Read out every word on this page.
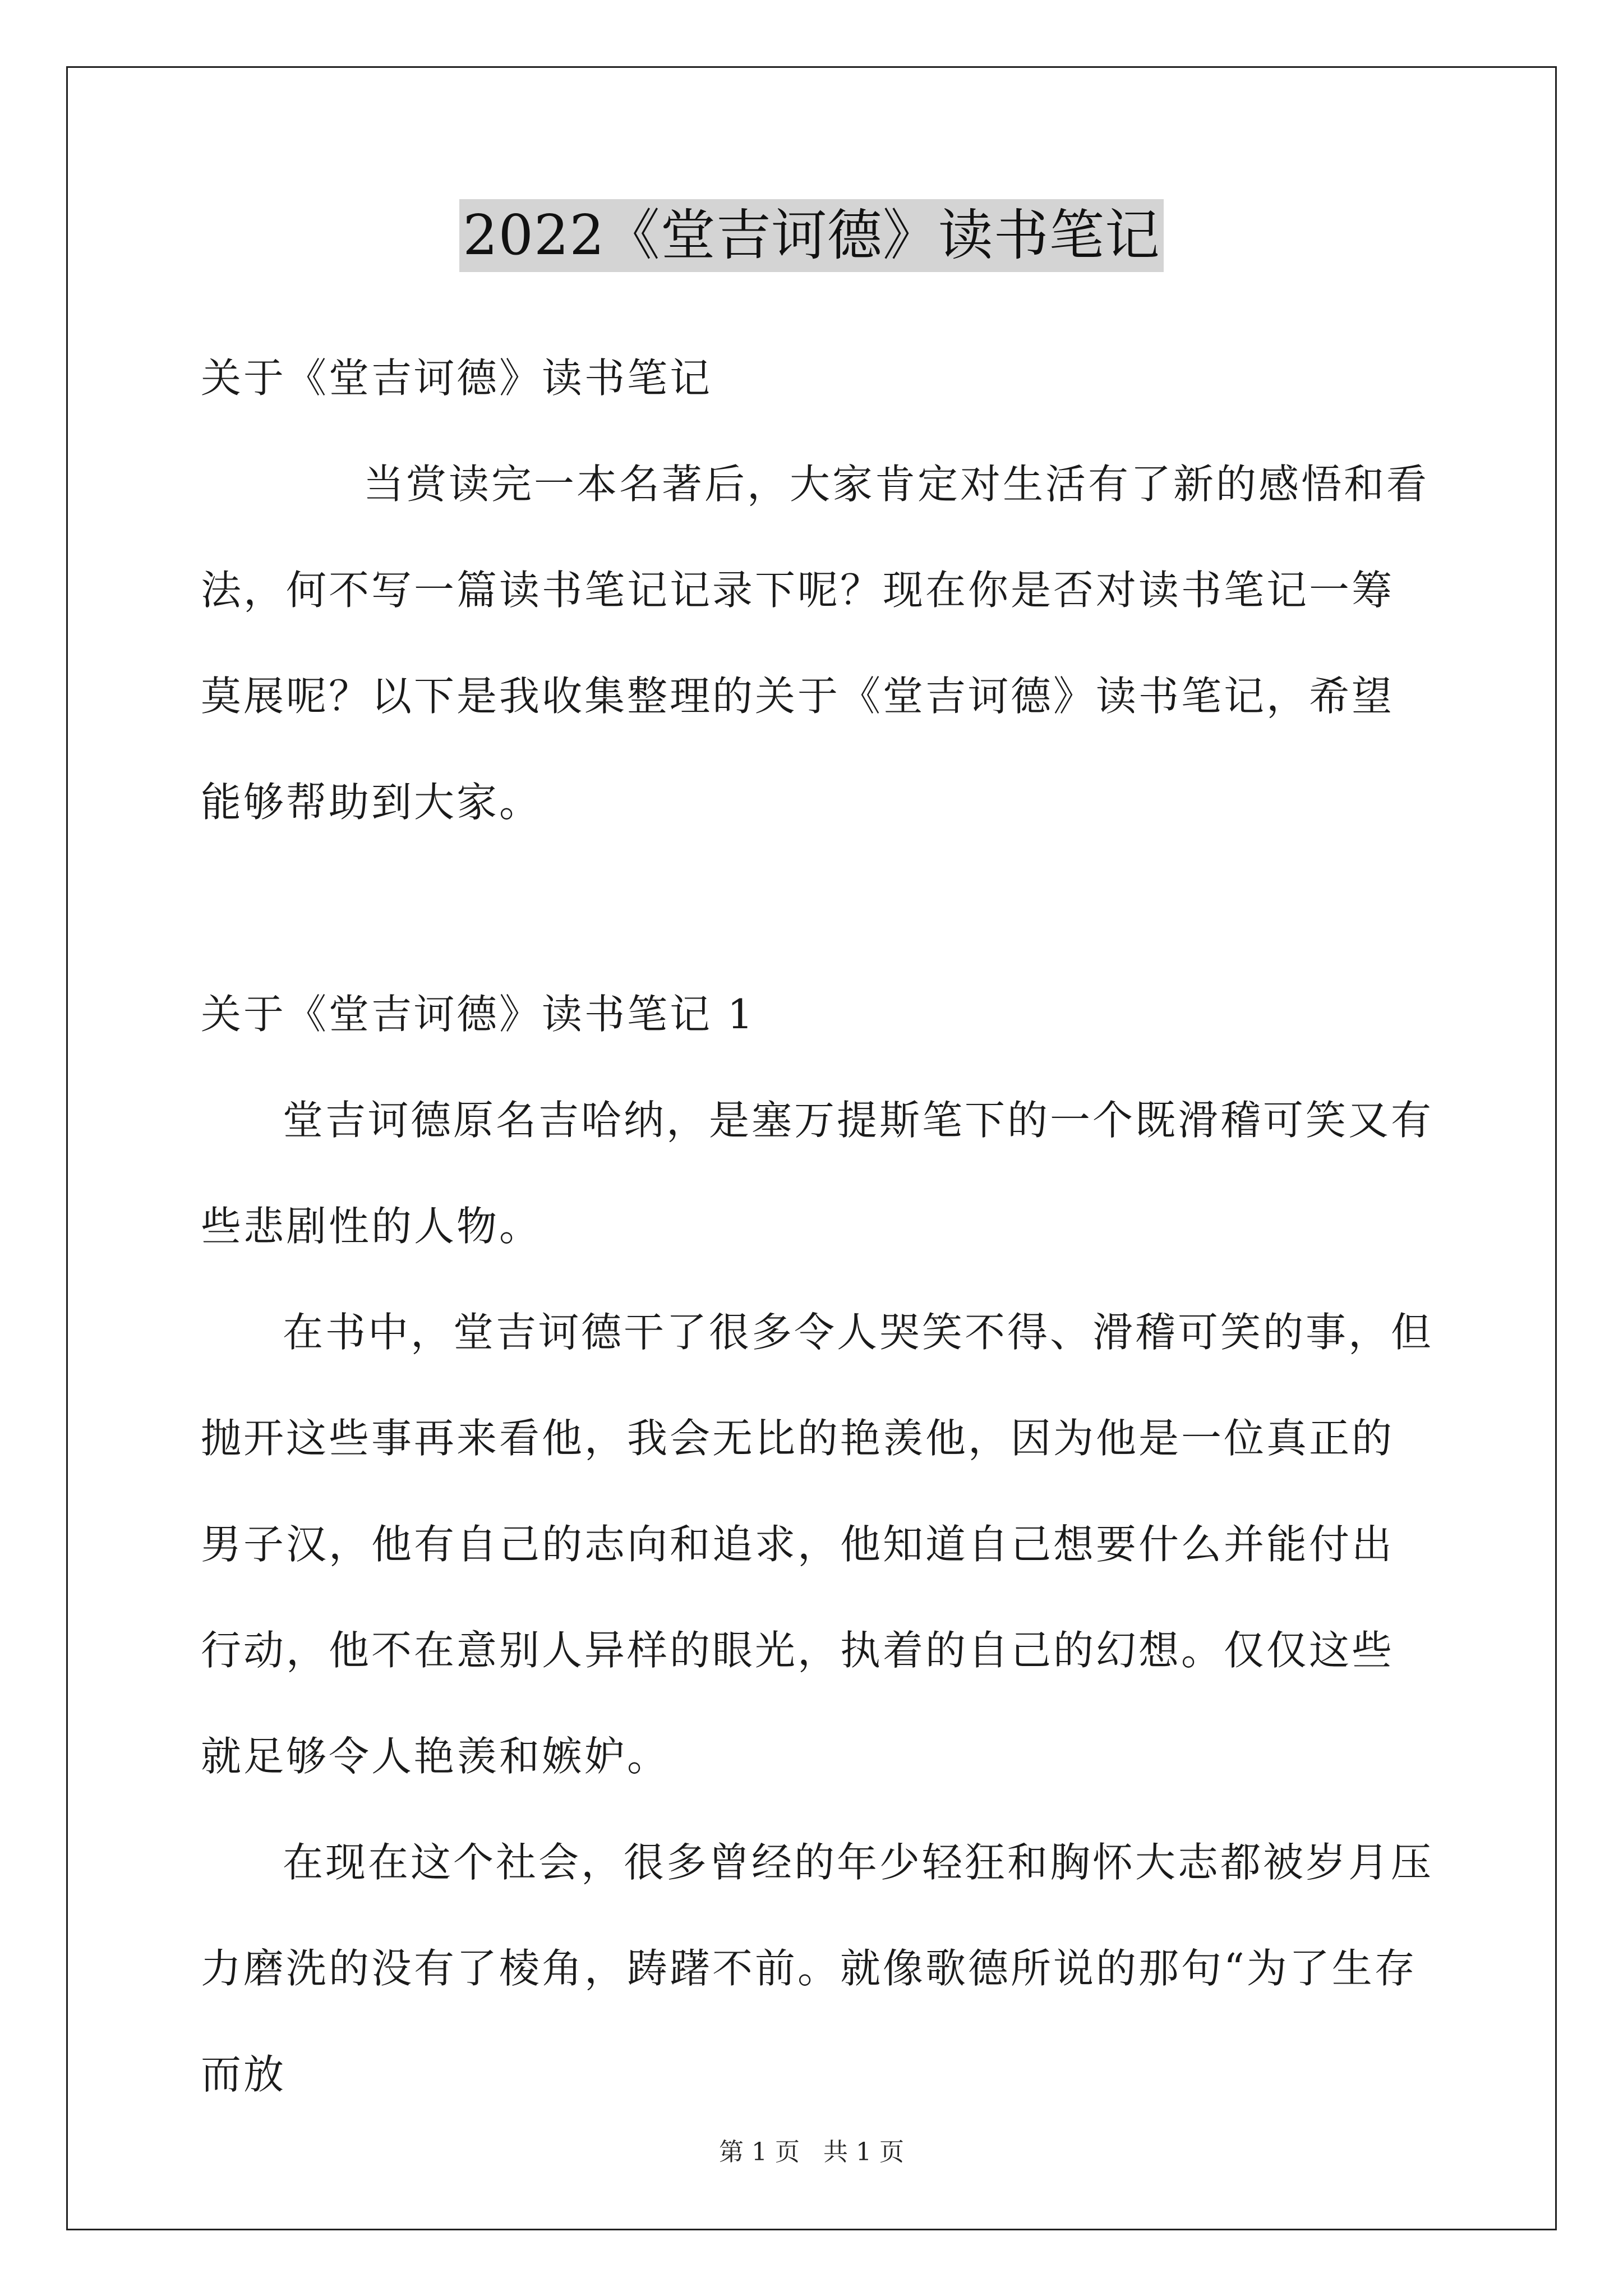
2022《堂吉诃德》读书笔记

关于《堂吉诃德》读书笔记

当赏读完一本名著后，大家肯定对生活有了新的感悟和看法，何不写一篇读书笔记记录下呢？现在你是否对读书笔记一筹莫展呢？以下是我收集整理的关于《堂吉诃德》读书笔记，希望能够帮助到大家。

关于《堂吉诃德》读书笔记 1

堂吉诃德原名吉哈纳，是塞万提斯笔下的一个既滑稽可笑又有些悲剧性的人物。

在书中，堂吉诃德干了很多令人哭笑不得、滑稽可笑的事，但抛开这些事再来看他，我会无比的艳羡他，因为他是一位真正的男子汉，他有自己的志向和追求，他知道自己想要什么并能付出行动，他不在意别人异样的眼光，执着的自己的幻想。仅仅这些就足够令人艳羡和嫉妒。

在现在这个社会，很多曾经的年少轻狂和胸怀大志都被岁月压力磨洗的没有了棱角，踌躇不前。就像歌德所说的那句“为了生存而放

第 1 页 共 1 页
